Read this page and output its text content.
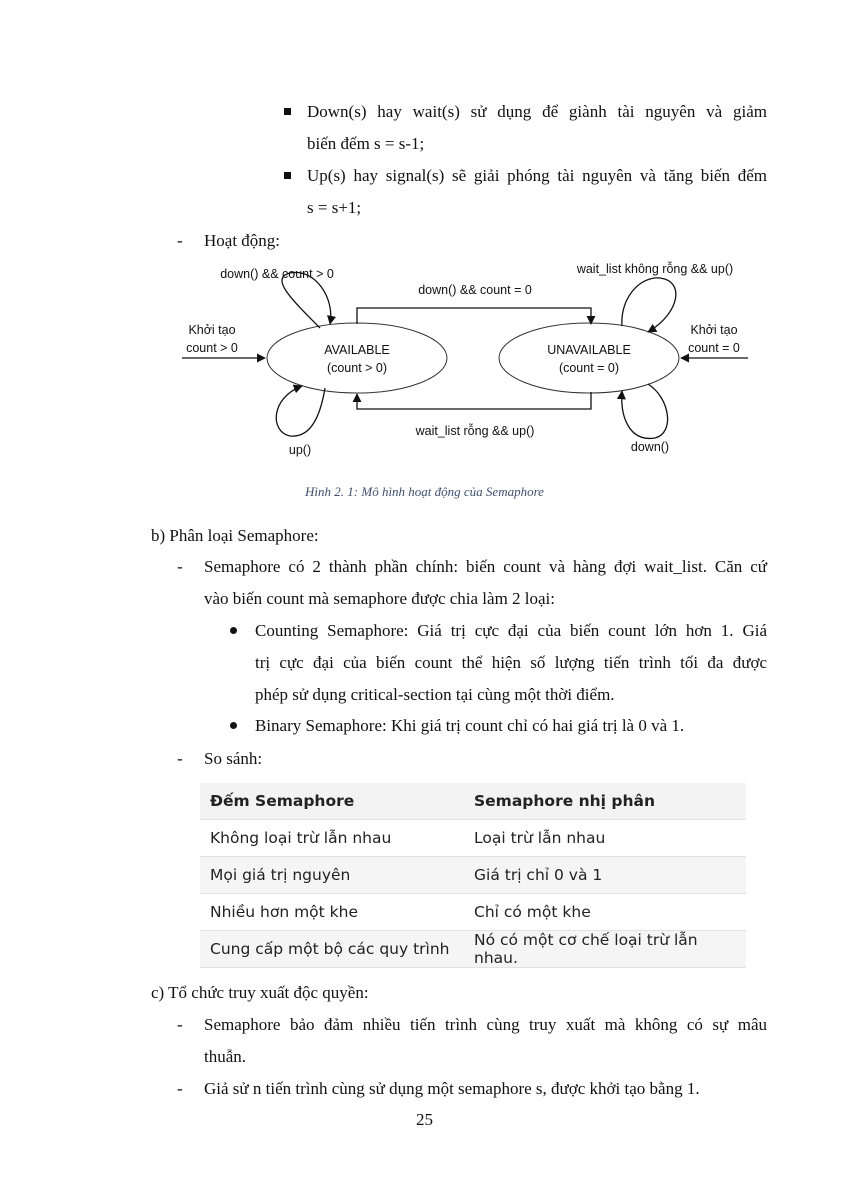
Down(s) hay wait(s) sử dụng để giành tài nguyên và giảm
biến đếm s = s-1;
Up(s) hay signal(s) sẽ giải phóng tài nguyên và tăng biến đếm
s = s+1;
- Hoạt động:
AVAILABLE
(count > 0)
UNAVAILABLE
(count = 0)
down() && count = 0
wait_list rỗng && up()
down() && count > 0
up()
wait_list không rỗng && up()
down()
Khởi tạo
count > 0
Khởi tạo
count = 0
Hình 2. 1: Mô hình hoạt động của Semaphore
b) Phân loại Semaphore:
- Semaphore có 2 thành phần chính: biến count và hàng đợi wait_list. Căn cứ
vào biến count mà semaphore được chia làm 2 loại:
Counting Semaphore: Giá trị cực đại của biến count lớn hơn 1. Giá
trị cực đại của biến count thể hiện số lượng tiến trình tối đa được
phép sử dụng critical-section tại cùng một thời điểm.
Binary Semaphore: Khi giá trị count chỉ có hai giá trị là 0 và 1.
- So sánh:
Đếm Semaphore	Semaphore nhị phân
Không loại trừ lẫn nhau	Loại trừ lẫn nhau
Mọi giá trị nguyên	Giá trị chỉ 0 và 1
Nhiều hơn một khe	Chỉ có một khe
Cung cấp một bộ các quy trình	Nó có một cơ chế loại trừ lẫn nhau.
c) Tổ chức truy xuất độc quyền:
- Semaphore bảo đảm nhiều tiến trình cùng truy xuất mà không có sự mâu
thuẫn.
- Giả sử n tiến trình cùng sử dụng một semaphore s, được khởi tạo bằng 1.
25
